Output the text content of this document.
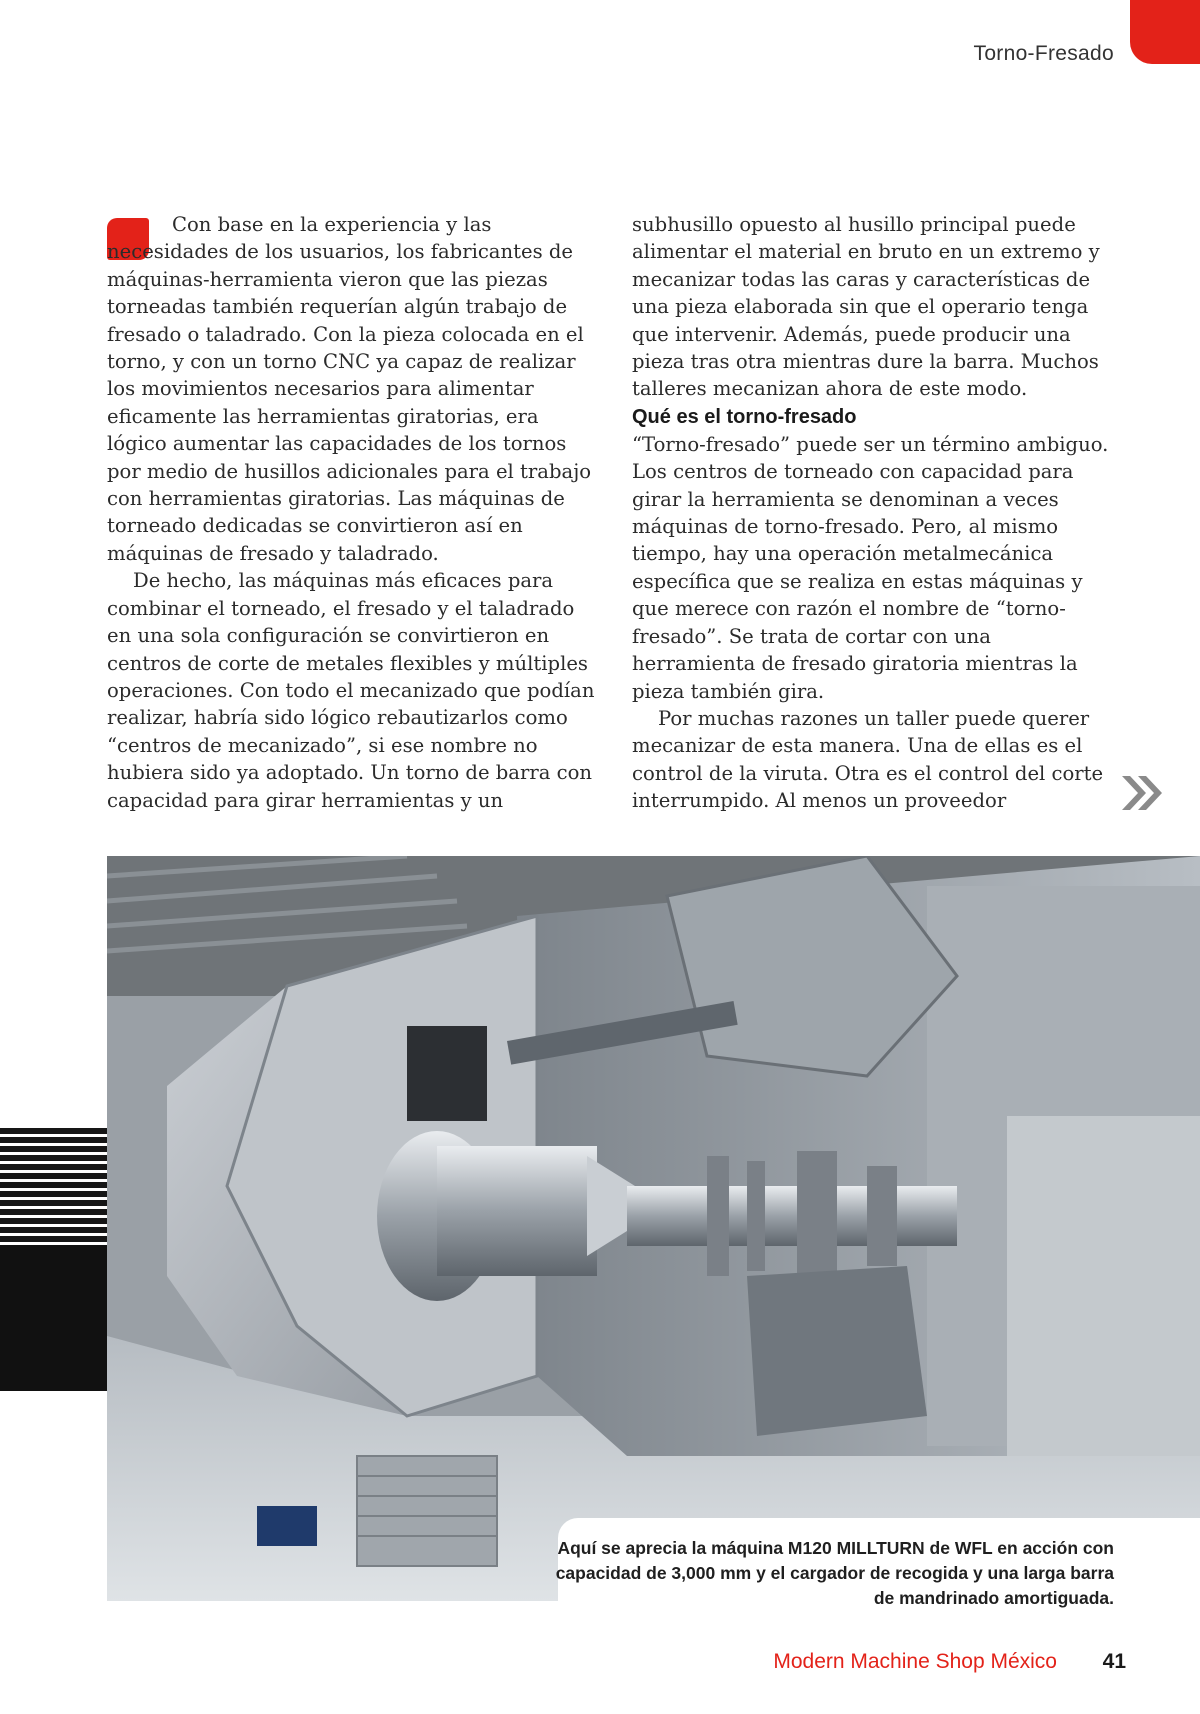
Torno-Fresado

Con base en la experiencia y las necesidades de los usuarios, los fabricantes de máquinas-herramienta vieron que las piezas torneadas también requerían algún trabajo de fresado o taladrado. Con la pieza colocada en el torno, y con un torno CNC ya capaz de realizar los movimientos necesarios para alimentar eficamente las herramientas giratorias, era lógico aumentar las capacidades de los tornos por medio de husillos adicionales para el trabajo con herramientas giratorias. Las máquinas de torneado dedicadas se convirtieron así en máquinas de fresado y taladrado.

De hecho, las máquinas más eficaces para combinar el torneado, el fresado y el taladrado en una sola configuración se convirtieron en centros de corte de metales flexibles y múltiples operaciones. Con todo el mecanizado que podían realizar, habría sido lógico rebautizarlos como “centros de mecanizado”, si ese nombre no hubiera sido ya adoptado. Un torno de barra con capacidad para girar herramientas y un

subhusillo opuesto al husillo principal puede alimentar el material en bruto en un extremo y mecanizar todas las caras y características de una pieza elaborada sin que el operario tenga que intervenir. Además, puede producir una pieza tras otra mientras dure la barra. Muchos talleres mecanizan ahora de este modo.

Qué es el torno-fresado

“Torno-fresado” puede ser un término ambiguo. Los centros de torneado con capacidad para girar la herramienta se denominan a veces máquinas de torno-fresado. Pero, al mismo tiempo, hay una operación metalmecánica específica que se realiza en estas máquinas y que merece con razón el nombre de “torno-fresado”. Se trata de cortar con una herramienta de fresado giratoria mientras la pieza también gira.

Por muchas razones un taller puede querer mecanizar de esta manera. Una de ellas es el control de la viruta. Otra es el control del corte interrumpido. Al menos un proveedor

Aquí se aprecia la máquina M120 MILLTURN de WFL en acción con capacidad de 3,000 mm y el cargador de recogida y una larga barra de mandrinado amortiguada.
Modern Machine Shop México 41
